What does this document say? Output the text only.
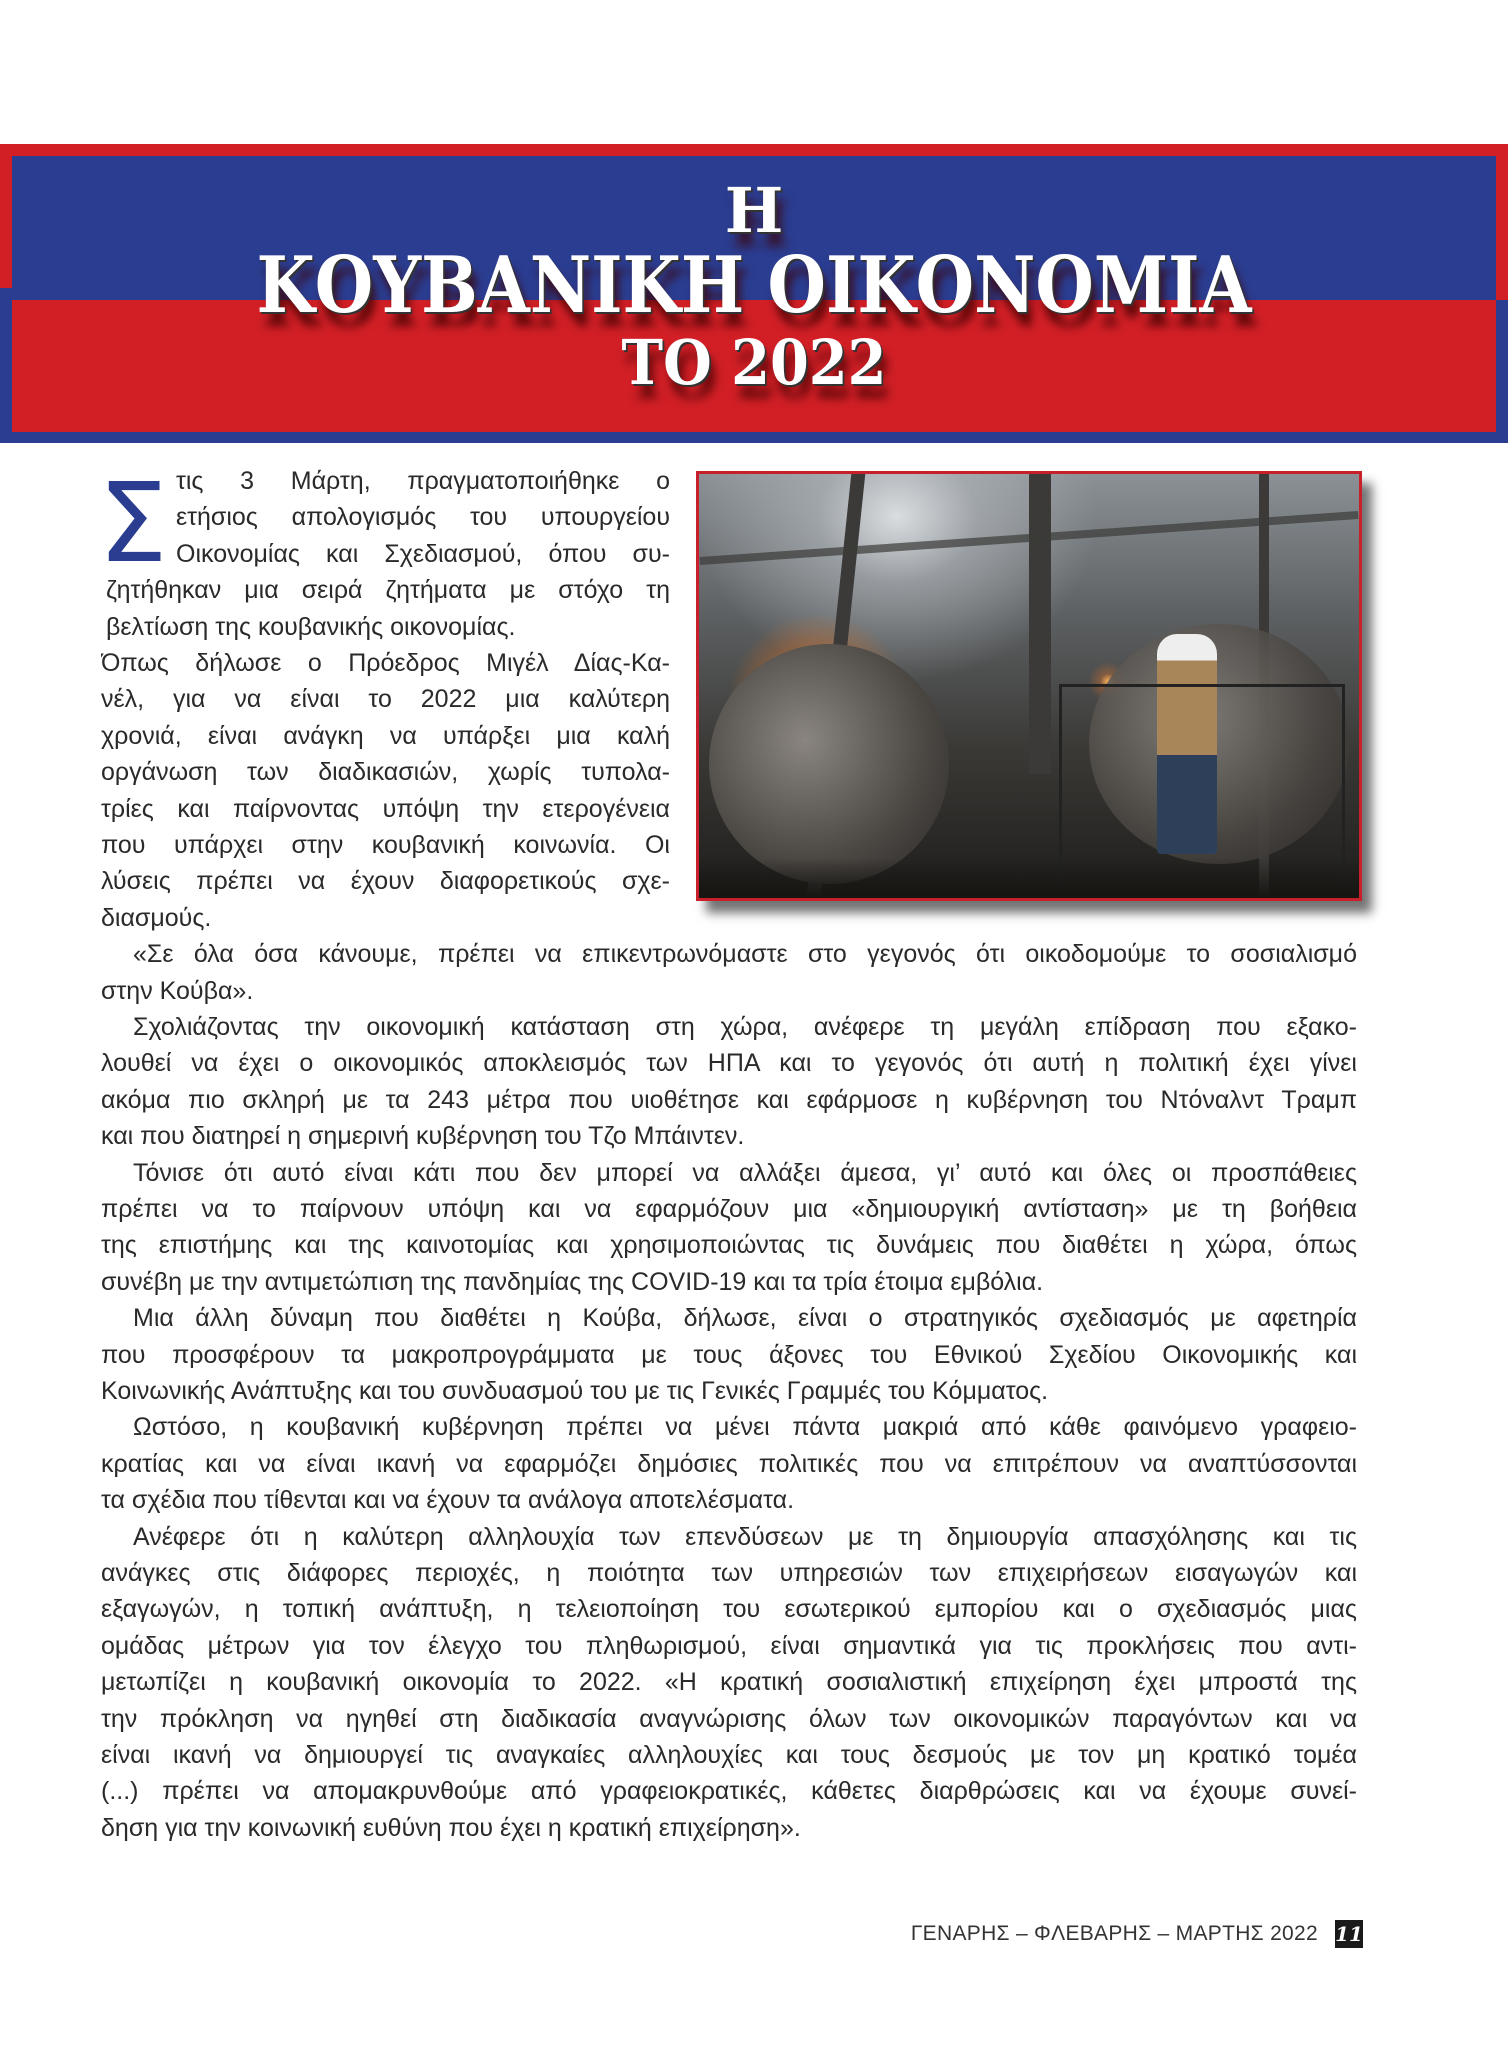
Η
ΚΟΥΒΑΝΙΚΗ ΟΙΚΟΝΟΜΙΑ
ΤΟ 2022
Σ τις 3 Μάρτη, πραγματοποιήθηκε ο
ετήσιος απολογισμός του υπουργείου
Οικονομίας και Σχεδιασμού, όπου συ-
ζητήθηκαν μια σειρά ζητήματα με στόχο τη
βελτίωση της κουβανικής οικονομίας.
Όπως δήλωσε ο Πρόεδρος Μιγέλ Δίας-Κα-
νέλ, για να είναι το 2022 μια καλύτερη
χρονιά, είναι ανάγκη να υπάρξει μια καλή
οργάνωση των διαδικασιών, χωρίς τυπολα-
τρίες και παίρνοντας υπόψη την ετερογένεια
που υπάρχει στην κουβανική κοινωνία. Οι
λύσεις πρέπει να έχουν διαφορετικούς σχε-
διασμούς.
«Σε όλα όσα κάνουμε, πρέπει να επικεντρωνόμαστε στο γεγονός ότι οικοδομούμε το σοσιαλισμό
στην Κούβα».
Σχολιάζοντας την οικονομική κατάσταση στη χώρα, ανέφερε τη μεγάλη επίδραση που εξακο-
λουθεί να έχει ο οικονομικός αποκλεισμός των ΗΠΑ και το γεγονός ότι αυτή η πολιτική έχει γίνει
ακόμα πιο σκληρή με τα 243 μέτρα που υιοθέτησε και εφάρμοσε η κυβέρνηση του Ντόναλντ Τραμπ
και που διατηρεί η σημερινή κυβέρνηση του Τζο Μπάιντεν.
Τόνισε ότι αυτό είναι κάτι που δεν μπορεί να αλλάξει άμεσα, γι’ αυτό και όλες οι προσπάθειες
πρέπει να το παίρνουν υπόψη και να εφαρμόζουν μια «δημιουργική αντίσταση» με τη βοήθεια
της επιστήμης και της καινοτομίας και χρησιμοποιώντας τις δυνάμεις που διαθέτει η χώρα, όπως
συνέβη με την αντιμετώπιση της πανδημίας της COVID-19 και τα τρία έτοιμα εμβόλια.
Μια άλλη δύναμη που διαθέτει η Κούβα, δήλωσε, είναι ο στρατηγικός σχεδιασμός με αφετηρία
που προσφέρουν τα μακροπρογράμματα με τους άξονες του Εθνικού Σχεδίου Οικονομικής και
Κοινωνικής Ανάπτυξης και του συνδυασμού του με τις Γενικές Γραμμές του Κόμματος.
Ωστόσο, η κουβανική κυβέρνηση πρέπει να μένει πάντα μακριά από κάθε φαινόμενο γραφειο-
κρατίας και να είναι ικανή να εφαρμόζει δημόσιες πολιτικές που να επιτρέπουν να αναπτύσσονται
τα σχέδια που τίθενται και να έχουν τα ανάλογα αποτελέσματα.
Ανέφερε ότι η καλύτερη αλληλουχία των επενδύσεων με τη δημιουργία απασχόλησης και τις
ανάγκες στις διάφορες περιοχές, η ποιότητα των υπηρεσιών των επιχειρήσεων εισαγωγών και
εξαγωγών, η τοπική ανάπτυξη, η τελειοποίηση του εσωτερικού εμπορίου και ο σχεδιασμός μιας
ομάδας μέτρων για τον έλεγχο του πληθωρισμού, είναι σημαντικά για τις προκλήσεις που αντι-
μετωπίζει η κουβανική οικονομία το 2022. «Η κρατική σοσιαλιστική επιχείρηση έχει μπροστά της
την πρόκληση να ηγηθεί στη διαδικασία αναγνώρισης όλων των οικονομικών παραγόντων και να
είναι ικανή να δημιουργεί τις αναγκαίες αλληλουχίες και τους δεσμούς με τον μη κρατικό τομέα
(...) πρέπει να απομακρυνθούμε από γραφειοκρατικές, κάθετες διαρθρώσεις και να έχουμε συνεί-
δηση για την κοινωνική ευθύνη που έχει η κρατική επιχείρηση».
ΓΕΝΑΡΗΣ – ΦΛΕΒΑΡΗΣ – ΜΑΡΤΗΣ 2022 11
